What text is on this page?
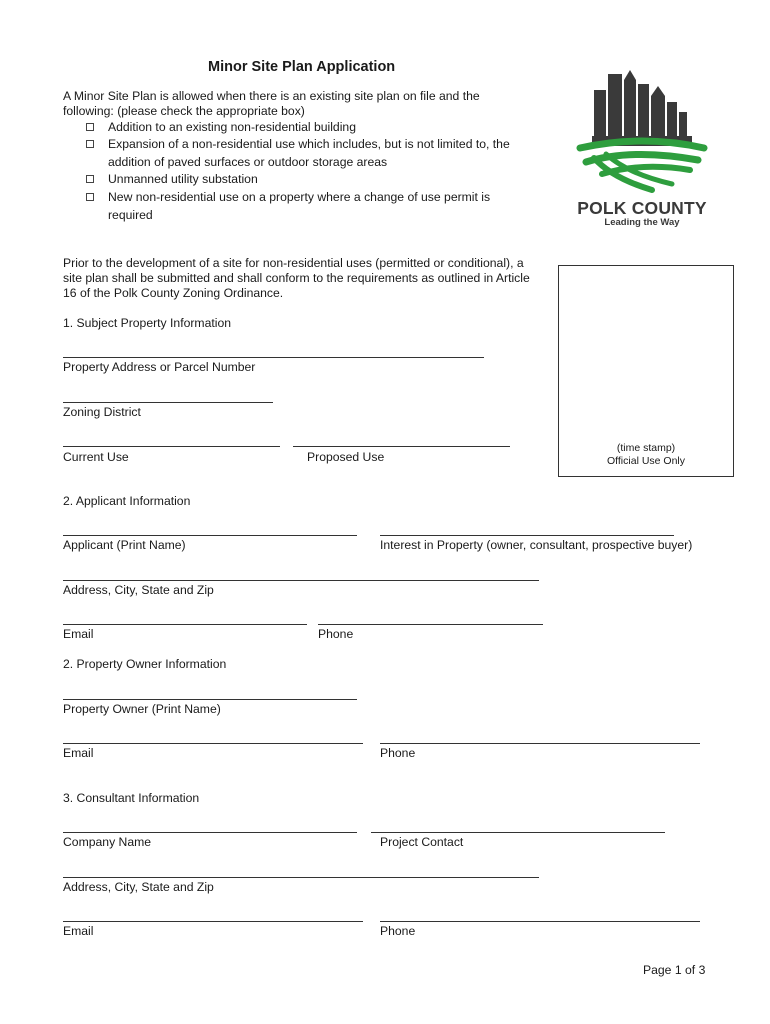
Minor Site Plan Application
A Minor Site Plan is allowed when there is an existing site plan on file and the
following: (please check the appropriate box)
Addition to an existing non-residential building
Expansion of a non-residential use which includes, but is not limited to, the
addition of paved surfaces or outdoor storage areas
Unmanned utility substation
New non-residential use on a property where a change of use permit is
required	POLK COUNTY
Leading the Way
Prior to the development of a site for non-residential uses (permitted or conditional), a
site plan shall be submitted and shall conform to the requirements as outlined in Article
16 of the Polk County Zoning Ordinance.
(time stamp)
Official Use Only
1. Subject Property Information
Property Address or Parcel Number
Zoning District
Current Use	Proposed Use
2. Applicant Information
Applicant (Print Name)	Interest in Property (owner, consultant, prospective buyer)
Address, City, State and Zip
Email	Phone
2. Property Owner Information
Property Owner (Print Name)
Email	Phone
3. Consultant Information
Company Name	Project Contact
Address, City, State and Zip
Email	Phone
Page 1 of 3
